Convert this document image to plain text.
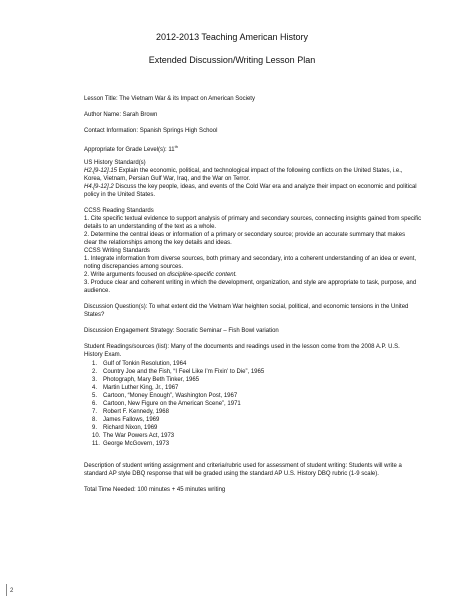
2012-2013 Teaching American History
Extended Discussion/Writing Lesson Plan
Lesson Title: The Vietnam War & its Impact on American Society
Author Name: Sarah Brown
Contact Information: Spanish Springs High School
Appropriate for Grade Level(s): 11th
US History Standard(s)
H2.[9-12].15 Explain the economic, political, and technological impact of the following conflicts on the United States, i.e.,
Korea, Vietnam, Persian Gulf War, Iraq, and the War on Terror.
H4.[9-12].2 Discuss the key people, ideas, and events of the Cold War era and analyze their impact on economic and political
policy in the United States.
CCSS Reading Standards
1. Cite specific textual evidence to support analysis of primary and secondary sources, connecting insights gained from specific
details to an understanding of the text as a whole.
2. Determine the central ideas or information of a primary or secondary source; provide an accurate summary that makes
clear the relationships among the key details and ideas.
CCSS Writing Standards
1. Integrate information from diverse sources, both primary and secondary, into a coherent understanding of an idea or event,
noting discrepancies among sources.
2. Write arguments focused on discipline-specific content.
3. Produce clear and coherent writing in which the development, organization, and style are appropriate to task, purpose, and
audience.
Discussion Question(s): To what extent did the Vietnam War heighten social, political, and economic tensions in the United
States?
Discussion Engagement Strategy: Socratic Seminar – Fish Bowl variation
Student Readings/sources (list): Many of the documents and readings used in the lesson come from the 2008 A.P. U.S.
History Exam.
1. Gulf of Tonkin Resolution, 1964
2. Country Joe and the Fish, “I Feel Like I’m Fixin’ to Die”, 1965
3. Photograph, Mary Beth Tinker, 1965
4. Martin Luther King, Jr., 1967
5. Cartoon, “Money Enough”, Washington Post, 1967
6. Cartoon, New Figure on the American Scene”, 1971
7. Robert F. Kennedy, 1968
8. James Fallows, 1969
9. Richard Nixon, 1969
10. The War Powers Act, 1973
11. George McGovern, 1973
Description of student writing assignment and criteria/rubric used for assessment of student writing: Students will write a
standard AP style DBQ response that will be graded using the standard AP U.S. History DBQ rubric (1-9 scale).
Total Time Needed: 100 minutes + 45 minutes writing
2
